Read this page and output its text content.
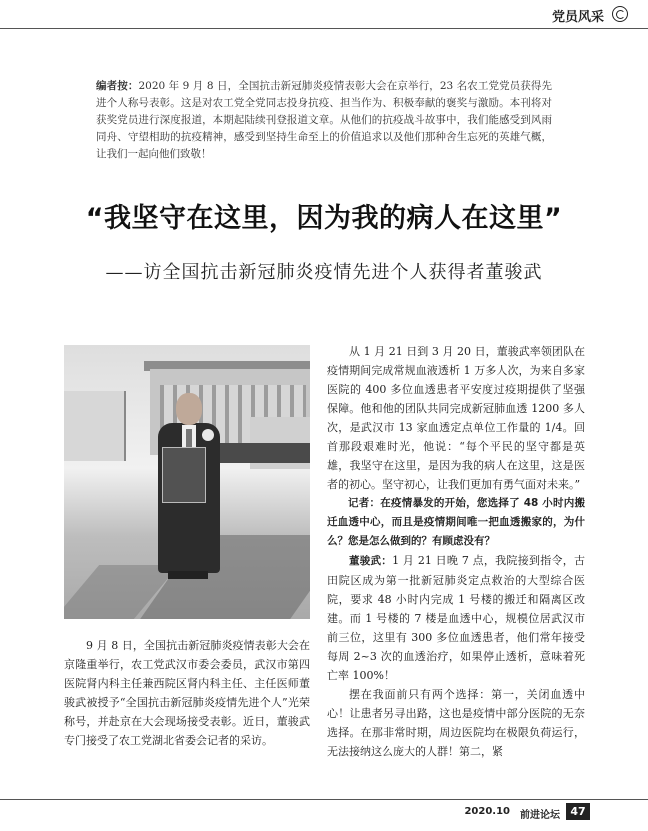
党员风采
编者按：2020 年 9 月 8 日，全国抗击新冠肺炎疫情表彰大会在京举行，23 名农工党党员获得先进个人称号表彰。这是对农工党全党同志投身抗疫、担当作为、积极奉献的褒奖与激励。本刊将对获奖党员进行深度报道，本期起陆续刊登报道文章。从他们的抗疫战斗故事中，我们能感受到风雨同舟、守望相助的抗疫精神，感受到坚持生命至上的价值追求以及他们那种舍生忘死的英雄气概，让我们一起向他们致敬！
“我坚守在这里，因为我的病人在这里”
——访全国抗击新冠肺炎疫情先进个人获得者董骏武
9 月 8 日，全国抗击新冠肺炎疫情表彰大会在京隆重举行，农工党武汉市委会委员，武汉市第四医院肾内科主任兼西院区肾内科主任、主任医师董骏武被授予“全国抗击新冠肺炎疫情先进个人”光荣称号，并赴京在大会现场接受表彰。近日，董骏武专门接受了农工党湖北省委会记者的采访。

从 1 月 21 日到 3 月 20 日，董骏武率领团队在疫情期间完成常规血液透析 1 万多人次，为来自多家医院的 400 多位血透患者平安度过疫期提供了坚强保障。他和他的团队共同完成新冠肺血透 1200 多人次，是武汉市 13 家血透定点单位工作量的 1/4。回首那段艰难时光，他说：“每个平民的坚守都是英雄，我坚守在这里，是因为我的病人在这里，这是医者的初心。坚守初心，让我们更加有勇气面对未来。”

记者：在疫情暴发的开始，您选择了 48 小时内搬迁血透中心，而且是疫情期间唯一把血透搬家的，为什么？您是怎么做到的？有顾虑没有？

董骏武：1 月 21 日晚 7 点，我院接到指令，古田院区成为第一批新冠肺炎定点救治的大型综合医院，要求 48 小时内完成 1 号楼的搬迁和隔离区改建。而 1 号楼的 7 楼是血透中心，规模位居武汉市前三位，这里有 300 多位血透患者，他们常年接受每周 2~3 次的血透治疗，如果停止透析，意味着死亡率 100%！

摆在我面前只有两个选择：第一，关闭血透中心！让患者另寻出路，这也是疫情中部分医院的无奈选择。在那非常时期，周边医院均在极限负荷运行，无法接纳这么庞大的人群！第二，紧

2020.10 前进论坛 47
